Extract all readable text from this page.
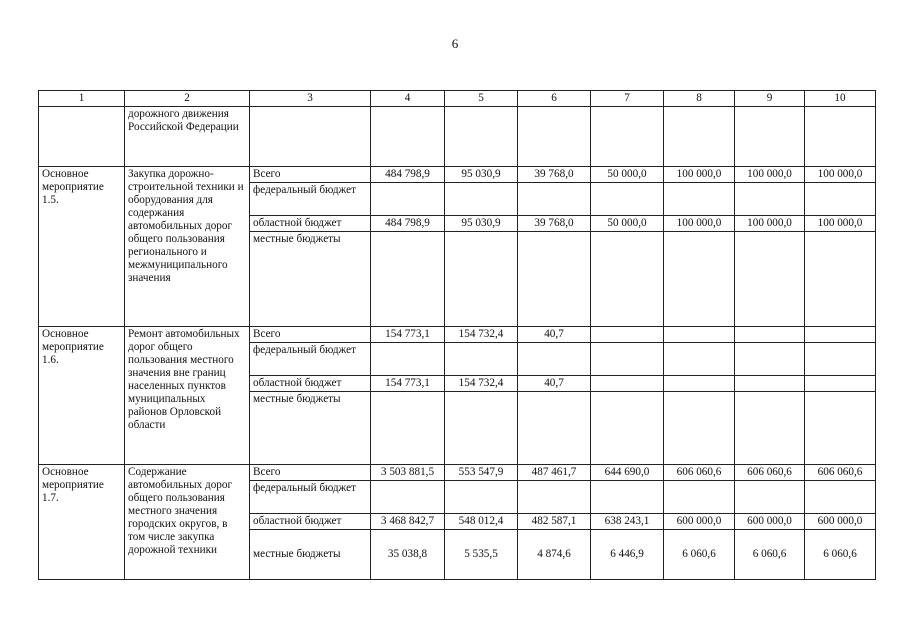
6
1	2	3	4	5	6	7	8	9	10
	дорожного движения Российской Федерации								
Основное мероприятие 1.5.	Закупка дорожно-строительной техники и оборудования для содержания автомобильных дорог общего пользования регионального и межмуниципального значения	Всего	484 798,9	95 030,9	39 768,0	50 000,0	100 000,0	100 000,0	100 000,0
		федеральный бюджет							
		областной бюджет	484 798,9	95 030,9	39 768,0	50 000,0	100 000,0	100 000,0	100 000,0
		местные бюджеты							
Основное мероприятие 1.6.	Ремонт автомобильных дорог общего пользования местного значения вне границ населенных пунктов муниципальных районов Орловской области	Всего	154 773,1	154 732,4	40,7				
		федеральный бюджет							
		областной бюджет	154 773,1	154 732,4	40,7				
		местные бюджеты							
Основное мероприятие 1.7.	Содержание автомобильных дорог общего пользования местного значения городских округов, в том числе закупка дорожной техники	Всего	3 503 881,5	553 547,9	487 461,7	644 690,0	606 060,6	606 060,6	606 060,6
		федеральный бюджет							
		областной бюджет	3 468 842,7	548 012,4	482 587,1	638 243,1	600 000,0	600 000,0	600 000,0
		местные бюджеты	35 038,8	5 535,5	4 874,6	6 446,9	6 060,6	6 060,6	6 060,6
